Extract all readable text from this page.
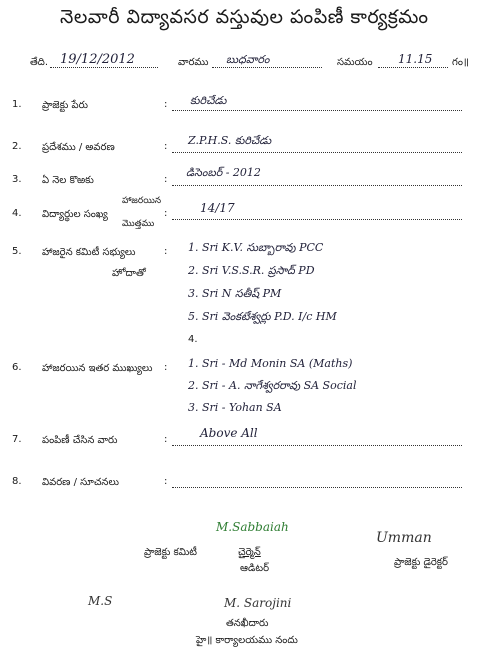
నెలవారీ విద్యావసర వస్తువుల పంపిణీ కార్యక్రమం
తేది. 19/12/2012	వారము బుధవారం	సమయం 11.15 గం॥
1. ప్రాజెక్టు పేరు	: కురిచేడు
2. ప్రదేశము / అవరణ	: Z.P.H.S. కురిచేడు
3. ఏ నెల కొఱకు	:
డిసెంబర్ - 2012
4. విద్యార్థుల సంఖ్య
హాజరయిన
మొత్తము
:	14/17
5. హాజరైన కమిటీ సభ్యులు
హోదాతో
: 1. Sri K.V. సుబ్బారావు PCC
2. Sri V.S.S.R. ప్రసాద్ PD
3. Sri N సతీష్ PM
5. Sri వెంకటేశ్వర్లు P.D. I/c HM
4.
6. హాజరయిన ఇతర ముఖ్యులు : 1. Sri - Md Monin SA (Maths)
2. Sri - A. నాగేశ్వరరావు SA Social
3. Sri - Yohan SA
7. పంపిణీ చేసిన వారు	:	Above All
8. వివరణ / సూచనలు	:
M.Sabbaiah
ప్రాజెక్టు కమిటీ	చైర్మెన్
ఆడిటర్
Umman
ప్రాజెక్టు డైరెక్టర్
M.S	M. Sarojini
తనఖీదారు
హై॥ కార్యాలయము నందు
